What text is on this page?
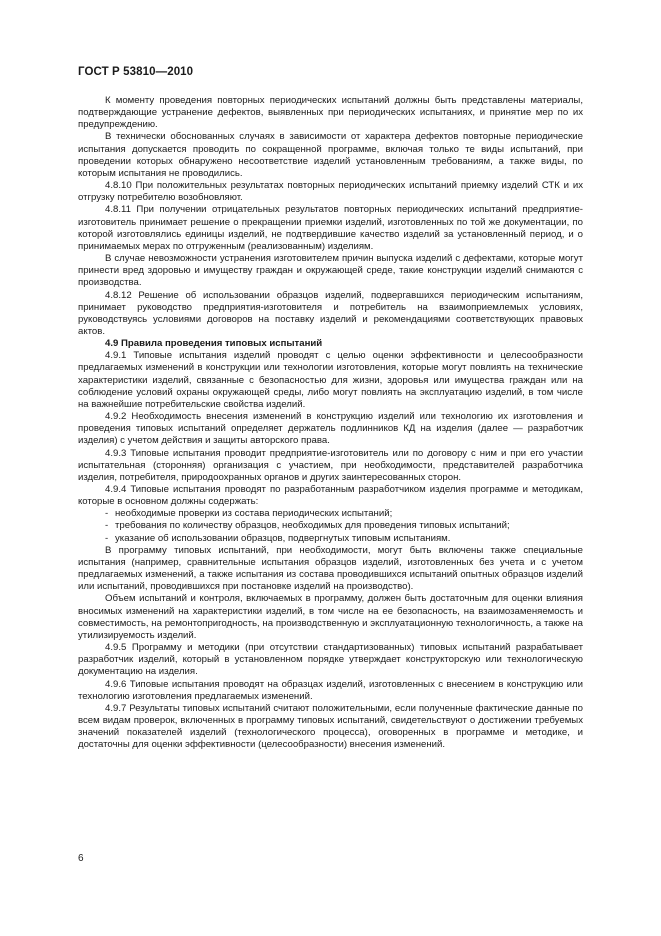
ГОСТ Р 53810—2010

К моменту проведения повторных периодических испытаний должны быть представлены материалы, подтверждающие устранение дефектов, выявленных при периодических испытаниях, и принятие мер по их предупреждению.

В технически обоснованных случаях в зависимости от характера дефектов повторные периодические испытания допускается проводить по сокращенной программе, включая только те виды испытаний, при проведении которых обнаружено несоответствие изделий установленным требованиям, а также виды, по которым испытания не проводились.

4.8.10 При положительных результатах повторных периодических испытаний приемку изделий СТК и их отгрузку потребителю возобновляют.

4.8.11 При получении отрицательных результатов повторных периодических испытаний предприятие-изготовитель принимает решение о прекращении приемки изделий, изготовленных по той же документации, по которой изготовлялись единицы изделий, не подтвердившие качество изделий за установленный период, и о принимаемых мерах по отгруженным (реализованным) изделиям.

В случае невозможности устранения изготовителем причин выпуска изделий с дефектами, которые могут принести вред здоровью и имуществу граждан и окружающей среде, такие конструкции изделий снимаются с производства.

4.8.12 Решение об использовании образцов изделий, подвергавшихся периодическим испытаниям, принимает руководство предприятия-изготовителя и потребитель на взаимоприемлемых условиях, руководствуясь условиями договоров на поставку изделий и рекомендациями соответствующих правовых актов.

4.9 Правила проведения типовых испытаний

4.9.1 Типовые испытания изделий проводят с целью оценки эффективности и целесообразности предлагаемых изменений в конструкции или технологии изготовления, которые могут повлиять на технические характеристики изделий, связанные с безопасностью для жизни, здоровья или имущества граждан или на соблюдение условий охраны окружающей среды, либо могут повлиять на эксплуатацию изделий, в том числе на важнейшие потребительские свойства изделий.

4.9.2 Необходимость внесения изменений в конструкцию изделий или технологию их изготовления и проведения типовых испытаний определяет держатель подлинников КД на изделия (далее — разработчик изделия) с учетом действия и защиты авторского права.

4.9.3 Типовые испытания проводит предприятие-изготовитель или по договору с ним и при его участии испытательная (сторонняя) организация с участием, при необходимости, представителей разработчика изделия, потребителя, природоохранных органов и других заинтересованных сторон.

4.9.4 Типовые испытания проводят по разработанным разработчиком изделия программе и методикам, которые в основном должны содержать:

- необходимые проверки из состава периодических испытаний;

- требования по количеству образцов, необходимых для проведения типовых испытаний;

- указание об использовании образцов, подвергнутых типовым испытаниям.

В программу типовых испытаний, при необходимости, могут быть включены также специальные испытания (например, сравнительные испытания образцов изделий, изготовленных без учета и с учетом предлагаемых изменений, а также испытания из состава проводившихся испытаний опытных образцов изделий или испытаний, проводившихся при постановке изделий на производство).

Объем испытаний и контроля, включаемых в программу, должен быть достаточным для оценки влияния вносимых изменений на характеристики изделий, в том числе на ее безопасность, на взаимозаменяемость и совместимость, на ремонтопригодность, на производственную и эксплуатационную технологичность, а также на утилизируемость изделий.

4.9.5 Программу и методики (при отсутствии стандартизованных) типовых испытаний разрабатывает разработчик изделий, который в установленном порядке утверждает конструкторскую или технологическую документацию на изделия.

4.9.6 Типовые испытания проводят на образцах изделий, изготовленных с внесением в конструкцию или технологию изготовления предлагаемых изменений.

4.9.7 Результаты типовых испытаний считают положительными, если полученные фактические данные по всем видам проверок, включенных в программу типовых испытаний, свидетельствуют о достижении требуемых значений показателей изделий (технологического процесса), оговоренных в программе и методике, и достаточны для оценки эффективности (целесообразности) внесения изменений.

6
